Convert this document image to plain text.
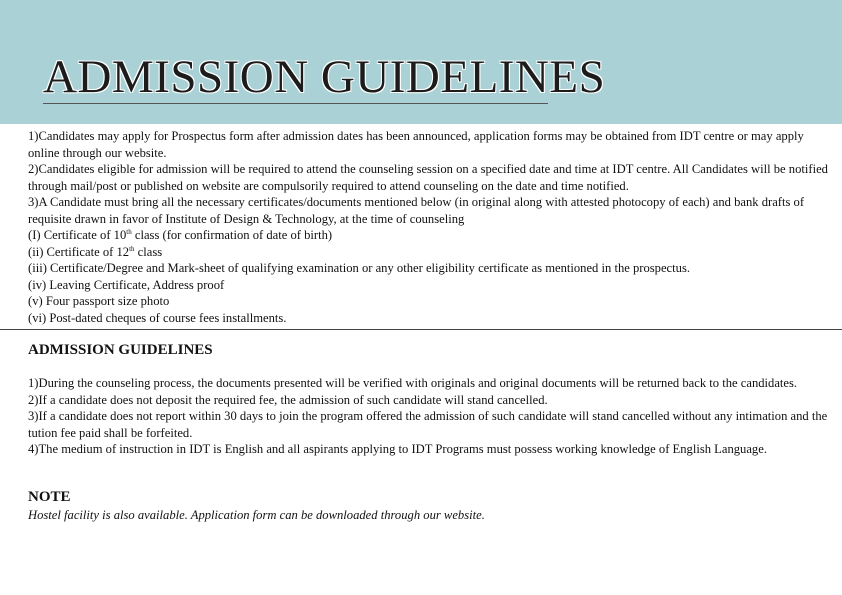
ADMISSION GUIDELINES

1)Candidates may apply for Prospectus form after admission dates has been announced, application forms may be obtained from IDT centre or may apply online through our website.

2)Candidates eligible for admission will be required to attend the counseling session on a specified date and time at IDT centre. All Candidates will be notified through mail/post or published on website are compulsorily required to attend counseling on the date and time notified.

3)A Candidate must bring all the necessary certificates/documents mentioned below (in original along with attested photocopy of each) and bank drafts of requisite drawn in favor of Institute of Design & Technology, at the time of counseling

(I) Certificate of 10th class (for confirmation of date of birth)

(ii) Certificate of 12th class

(iii) Certificate/Degree and Mark-sheet of qualifying examination or any other eligibility certificate as mentioned in the prospectus.

(iv) Leaving Certificate, Address proof

(v) Four passport size photo

(vi) Post-dated cheques of course fees installments.

ADMISSION GUIDELINES

1)During the counseling process, the documents presented will be verified with originals and original documents will be returned back to the candidates.

2)If a candidate does not deposit the required fee, the admission of such candidate will stand cancelled.

3)If a candidate does not report within 30 days to join the program offered the admission of such candidate will stand cancelled without any intimation and the tution fee paid shall be forfeited.

4)The medium of instruction in IDT is English and all aspirants applying to IDT Programs must possess working knowledge of English Language.

NOTE

Hostel facility is also available. Application form can be downloaded through our website.
